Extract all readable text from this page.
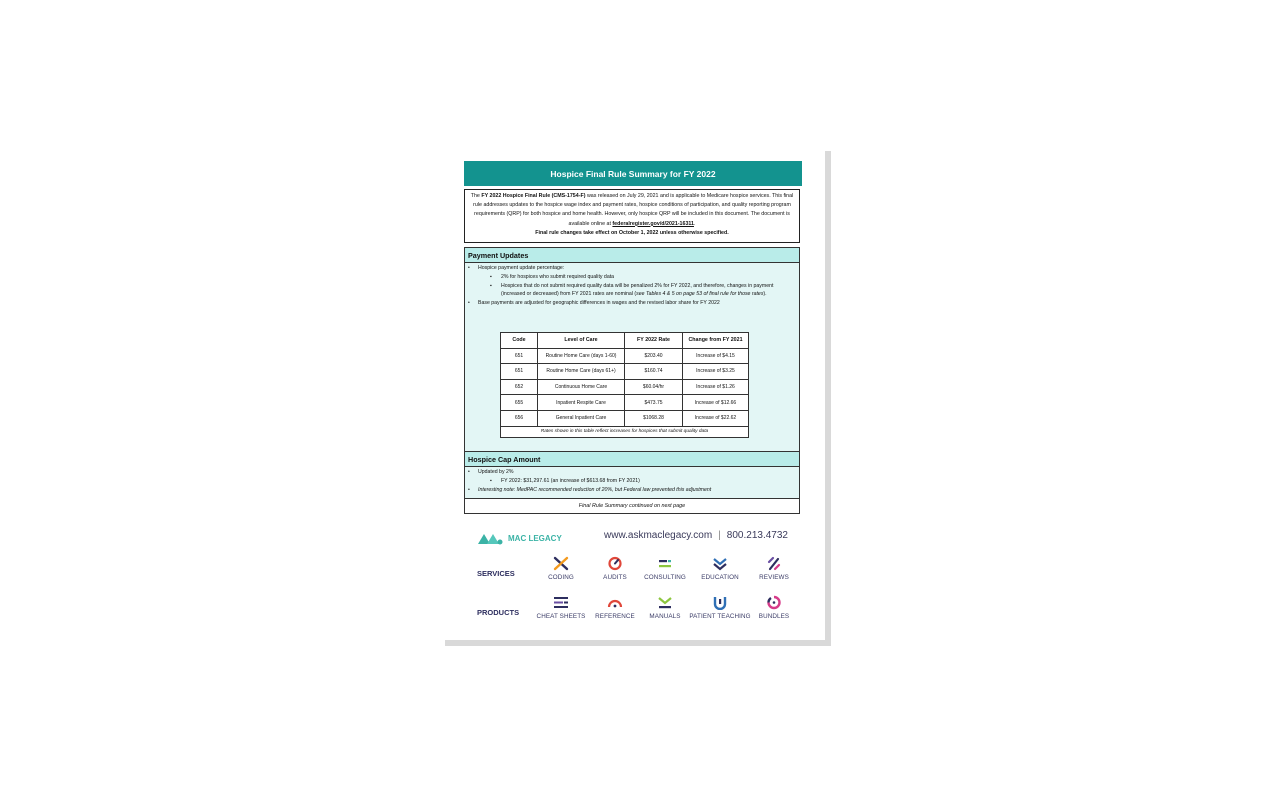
Hospice Final Rule Summary for FY 2022
The FY 2022 Hospice Final Rule (CMS-1754-F) was released on July 29, 2021 and is applicable to Medicare hospice services. This final rule addresses updates to the hospice wage index and payment rates, hospice conditions of participation, and quality reporting program requirements (QRP) for both hospice and home health. However, only hospice QRP will be included in this document. The document is available online at federalregister.gov/d/2021-16311.
Final rule changes take effect on October 1, 2022 unless otherwise specified.
Payment Updates
• Hospice payment update percentage:
▪ 2% for hospices who submit required quality data
▪ Hospices that do not submit required quality data will be penalized 2% for FY 2022, and therefore, changes in payment (increased or decreased) from FY 2021 rates are nominal (see Tables 4 & 5 on page 53 of final rule for those rates).
• Base payments are adjusted for geographic differences in wages and the revised labor share for FY 2022
Code	Level of Care	FY 2022 Rate	Change from FY 2021
651	Routine Home Care (days 1-60)	$203.40	Increase of $4.15
651	Routine Home Care (days 61+)	$160.74	Increase of $3.25
652	Continuous Home Care	$60.04/hr	Increase of $1.26
655	Inpatient Respite Care	$473.75	Increase of $12.66
656	General Inpatient Care	$1068.28	Increase of $22.62
Rates shown in this table reflect increases for hospices that submit quality data			
Hospice Cap Amount
• Updated by 2%
▪ FY 2022: $31,297.61 (an increase of $613.68 from FY 2021)
• Interesting note: MedPAC recommended reduction of 20%, but Federal law prevented this adjustment
Final Rule Summary continued on next page
MAC LEGACY	www.askmaclegacy.com | 800.213.4732
SERVICES
PRODUCTS
CODING	AUDITS	CONSULTING	EDUCATION	REVIEWS
CHEAT SHEETS	REFERENCE	MANUALS	PATIENT TEACHING	BUNDLES
